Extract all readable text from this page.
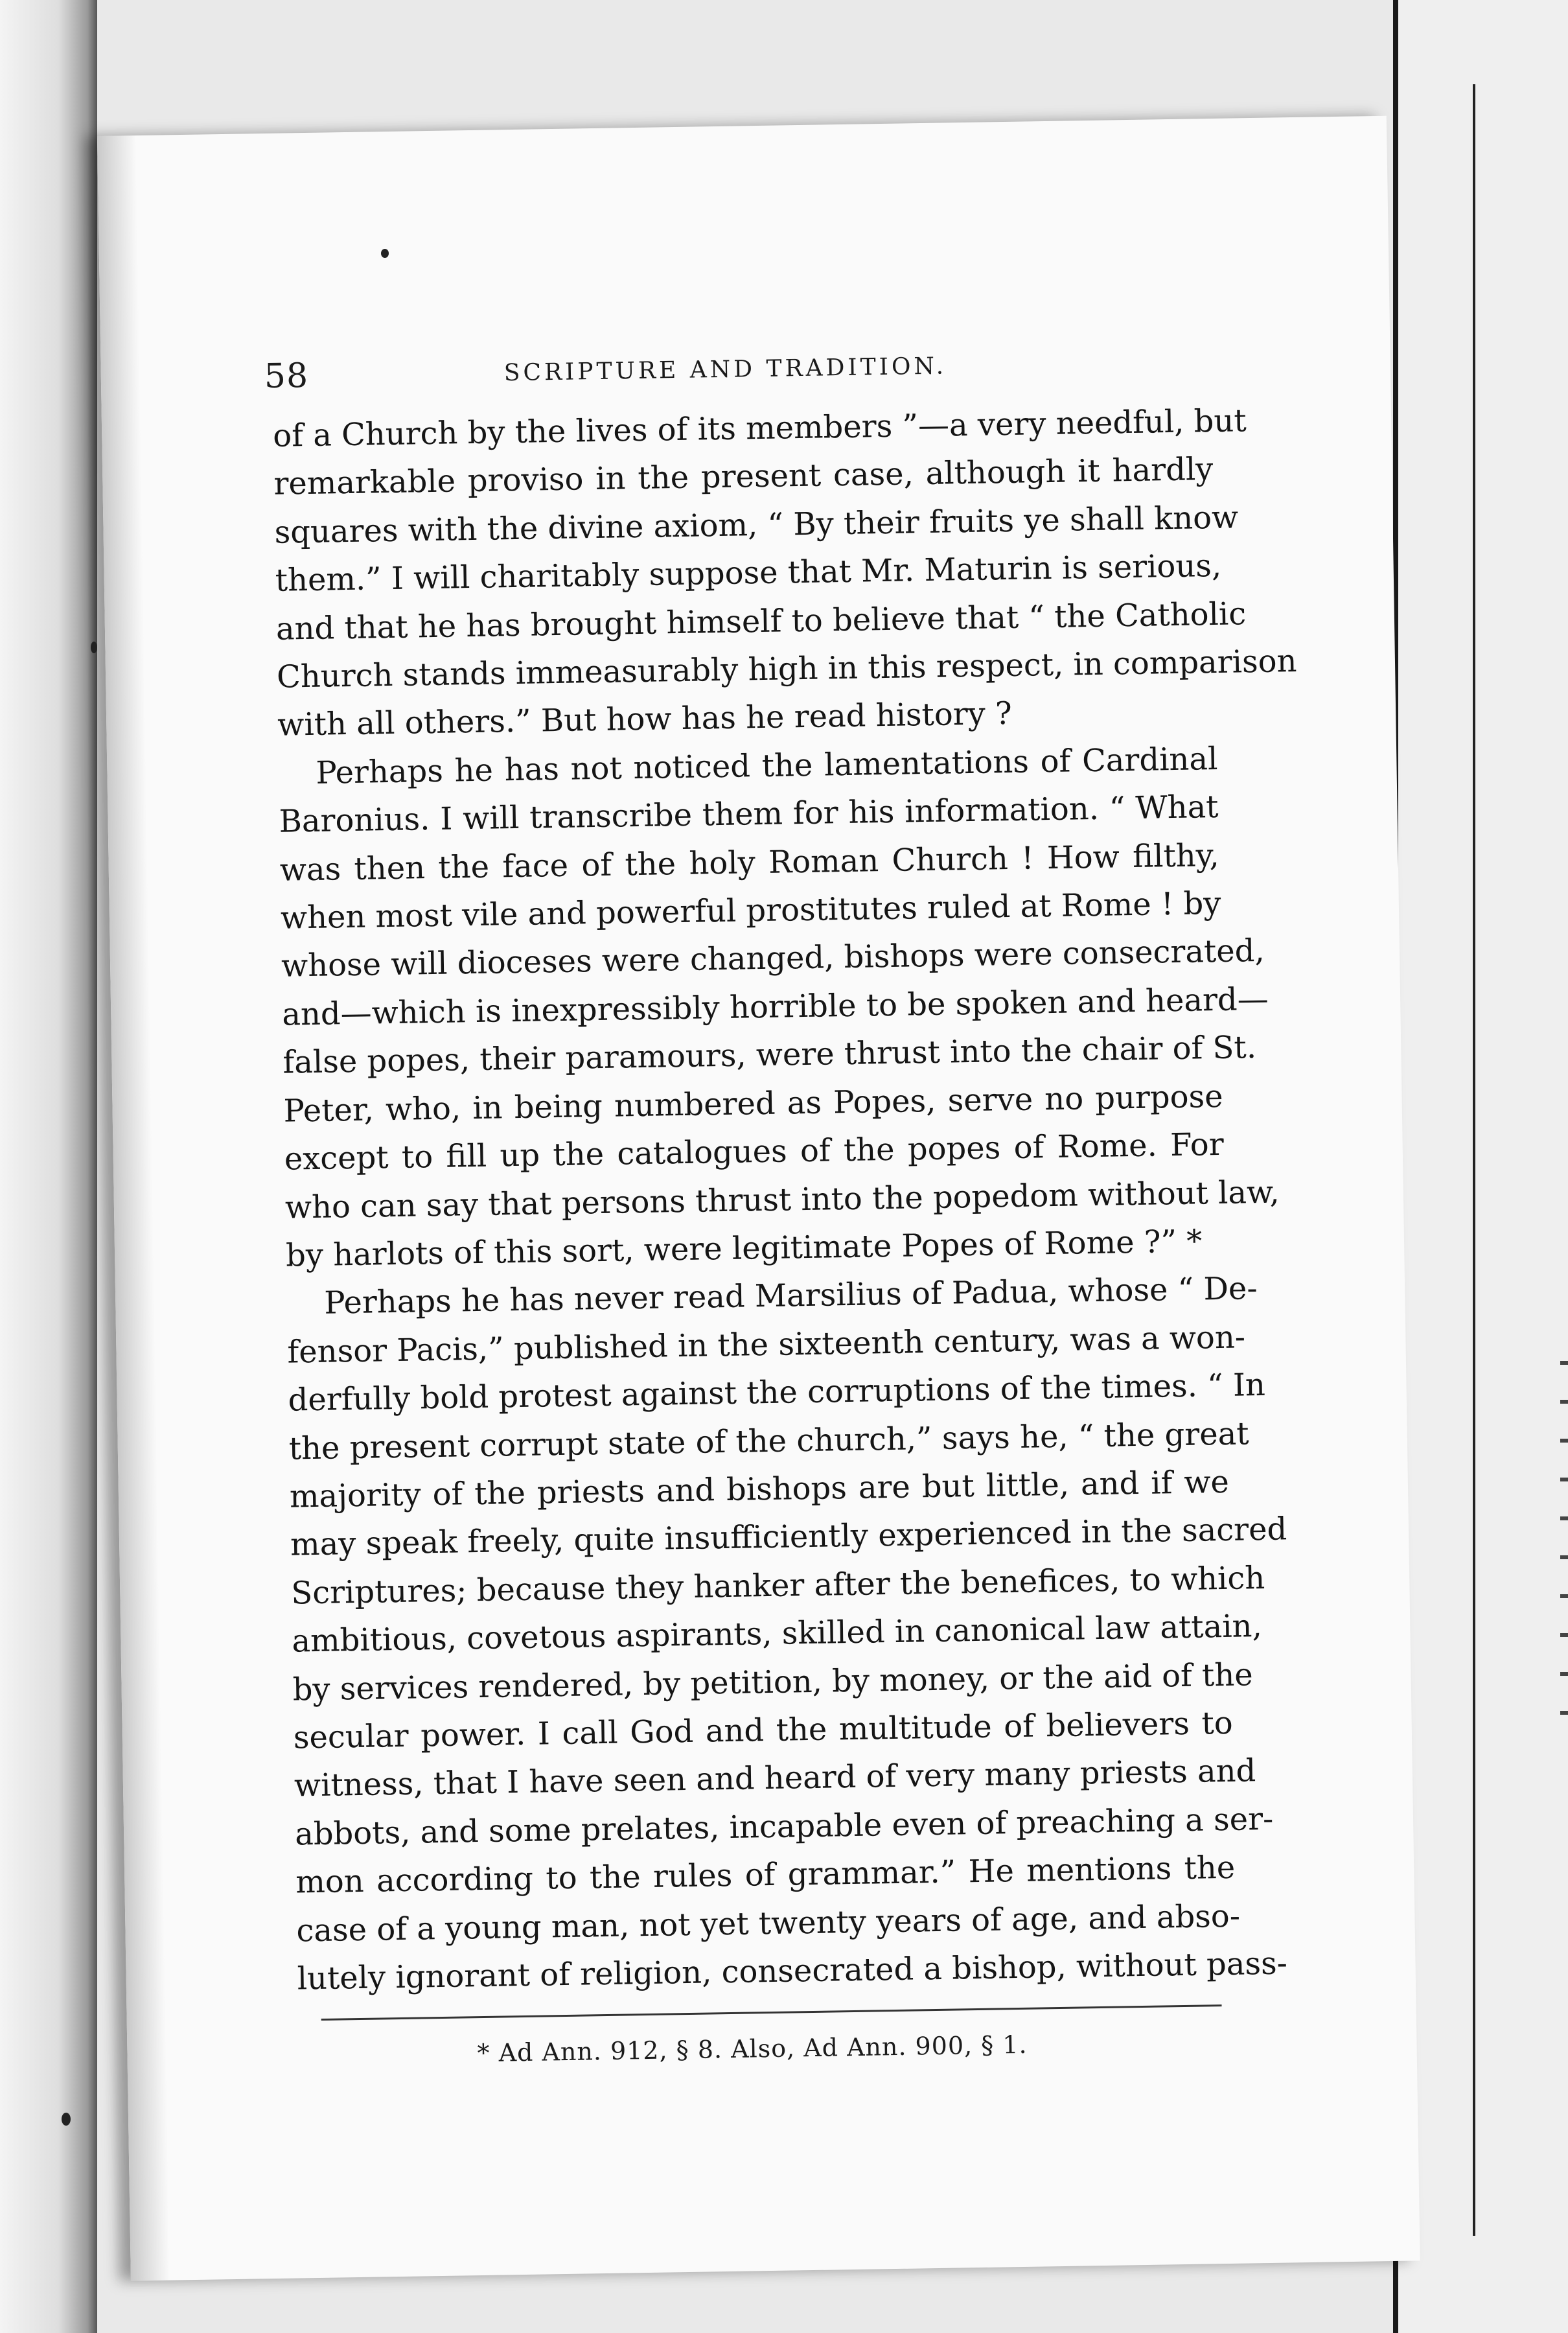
58	SCRIPTURE AND TRADITION.
of a Church by the lives of its members ”—a very needful, but
remarkable proviso in the present case, although it hardly
squares with the divine axiom, “ By their fruits ye shall know
them.” I will charitably suppose that Mr. Maturin is serious,
and that he has brought himself to believe that “ the Catholic
Church stands immeasurably high in this respect, in comparison
with all others.” But how has he read history ?
Perhaps he has not noticed the lamentations of Cardinal
Baronius. I will transcribe them for his information. “ What
was then the face of the holy Roman Church ! How filthy,
when most vile and powerful prostitutes ruled at Rome ! by
whose will dioceses were changed, bishops were consecrated,
and—which is inexpressibly horrible to be spoken and heard—
false popes, their paramours, were thrust into the chair of St.
Peter, who, in being numbered as Popes, serve no purpose
except to fill up the catalogues of the popes of Rome. For
who can say that persons thrust into the popedom without law,
by harlots of this sort, were legitimate Popes of Rome ?” *
Perhaps he has never read Marsilius of Padua, whose “ De-
fensor Pacis,” published in the sixteenth century, was a won-
derfully bold protest against the corruptions of the times. “ In
the present corrupt state of the church,” says he, “ the great
majority of the priests and bishops are but little, and if we
may speak freely, quite insufficiently experienced in the sacred
Scriptures; because they hanker after the benefices, to which
ambitious, covetous aspirants, skilled in canonical law attain,
by services rendered, by petition, by money, or the aid of the
secular power. I call God and the multitude of believers to
witness, that I have seen and heard of very many priests and
abbots, and some prelates, incapable even of preaching a ser-
mon according to the rules of grammar.” He mentions the
case of a young man, not yet twenty years of age, and abso-
lutely ignorant of religion, consecrated a bishop, without pass-
* Ad Ann. 912, § 8. Also, Ad Ann. 900, § 1.
